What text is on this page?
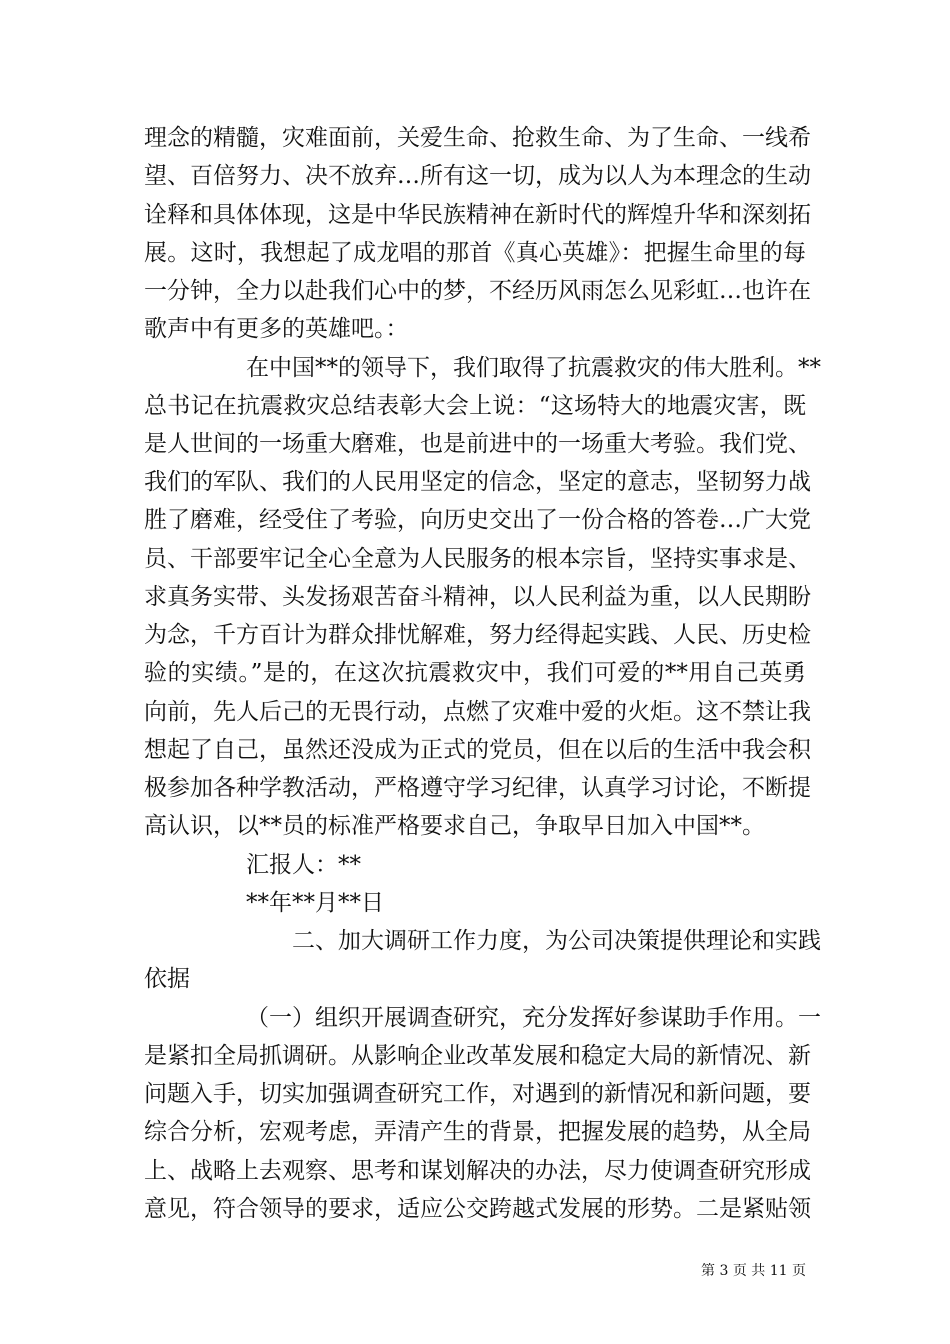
理念的精髓，灾难面前，关爱生命、抢救生命、为了生命、一线希
望、百倍努力、决不放弃…所有这一切，成为以人为本理念的生动
诠释和具体体现，这是中华民族精神在新时代的辉煌升华和深刻拓
展。这时，我想起了成龙唱的那首《真心英雄》：把握生命里的每
一分钟，全力以赴我们心中的梦，不经历风雨怎么见彩虹…也许在
歌声中有更多的英雄吧。：
在中国**的领导下，我们取得了抗震救灾的伟大胜利。**
总书记在抗震救灾总结表彰大会上说：“这场特大的地震灾害，既
是人世间的一场重大磨难，也是前进中的一场重大考验。我们党、
我们的军队、我们的人民用坚定的信念，坚定的意志，坚韧努力战
胜了磨难，经受住了考验，向历史交出了一份合格的答卷…广大党
员、干部要牢记全心全意为人民服务的根本宗旨，坚持实事求是、
求真务实带、头发扬艰苦奋斗精神，以人民利益为重，以人民期盼
为念，千方百计为群众排忧解难，努力经得起实践、人民、历史检
验的实绩。”是的，在这次抗震救灾中，我们可爱的**用自己英勇
向前，先人后己的无畏行动，点燃了灾难中爱的火炬。这不禁让我
想起了自己，虽然还没成为正式的党员，但在以后的生活中我会积
极参加各种学教活动，严格遵守学习纪律，认真学习讨论，不断提
高认识，以**员的标准严格要求自己，争取早日加入中国**。
汇报人：**
**年**月**日
二、加大调研工作力度，为公司决策提供理论和实践
依据
（一）组织开展调查研究，充分发挥好参谋助手作用。一
是紧扣全局抓调研。从影响企业改革发展和稳定大局的新情况、新
问题入手，切实加强调查研究工作，对遇到的新情况和新问题，要
综合分析，宏观考虑，弄清产生的背景，把握发展的趋势，从全局
上、战略上去观察、思考和谋划解决的办法，尽力使调查研究形成
意见，符合领导的要求，适应公交跨越式发展的形势。二是紧贴领
第 3 页 共 11 页
